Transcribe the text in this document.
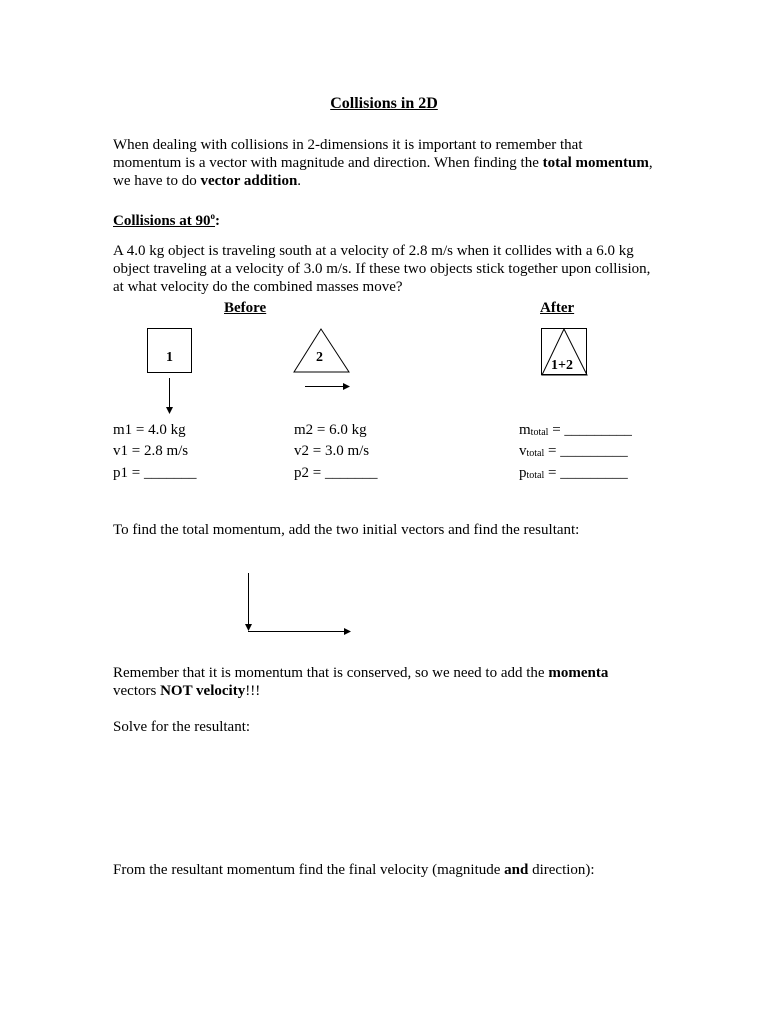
Collisions in 2D
When dealing with collisions in 2-dimensions it is important to remember that momentum is a vector with magnitude and direction. When finding the total momentum, we have to do vector addition.
Collisions at 90$^o$:
A 4.0 kg object is traveling south at a velocity of 2.8 m/s when it collides with a 6.0 kg object traveling at a velocity of 3.0 m/s. If these two objects stick together upon collision, at what velocity do the combined masses move?
Before	After
1	2
1+2
m1 = 4.0 kg
v1 = 2.8 m/s
p1 = _______
m2 = 6.0 kg
v2 = 3.0 m/s
p2 = _______
$m_{total}$ = _________
$v_{total}$ = _________
$p_{total}$ = _________
To find the total momentum, add the two initial vectors and find the resultant:
Remember that it is momentum that is conserved, so we need to add the momenta vectors NOT velocity!!!
Solve for the resultant:
From the resultant momentum find the final velocity (magnitude and direction):
